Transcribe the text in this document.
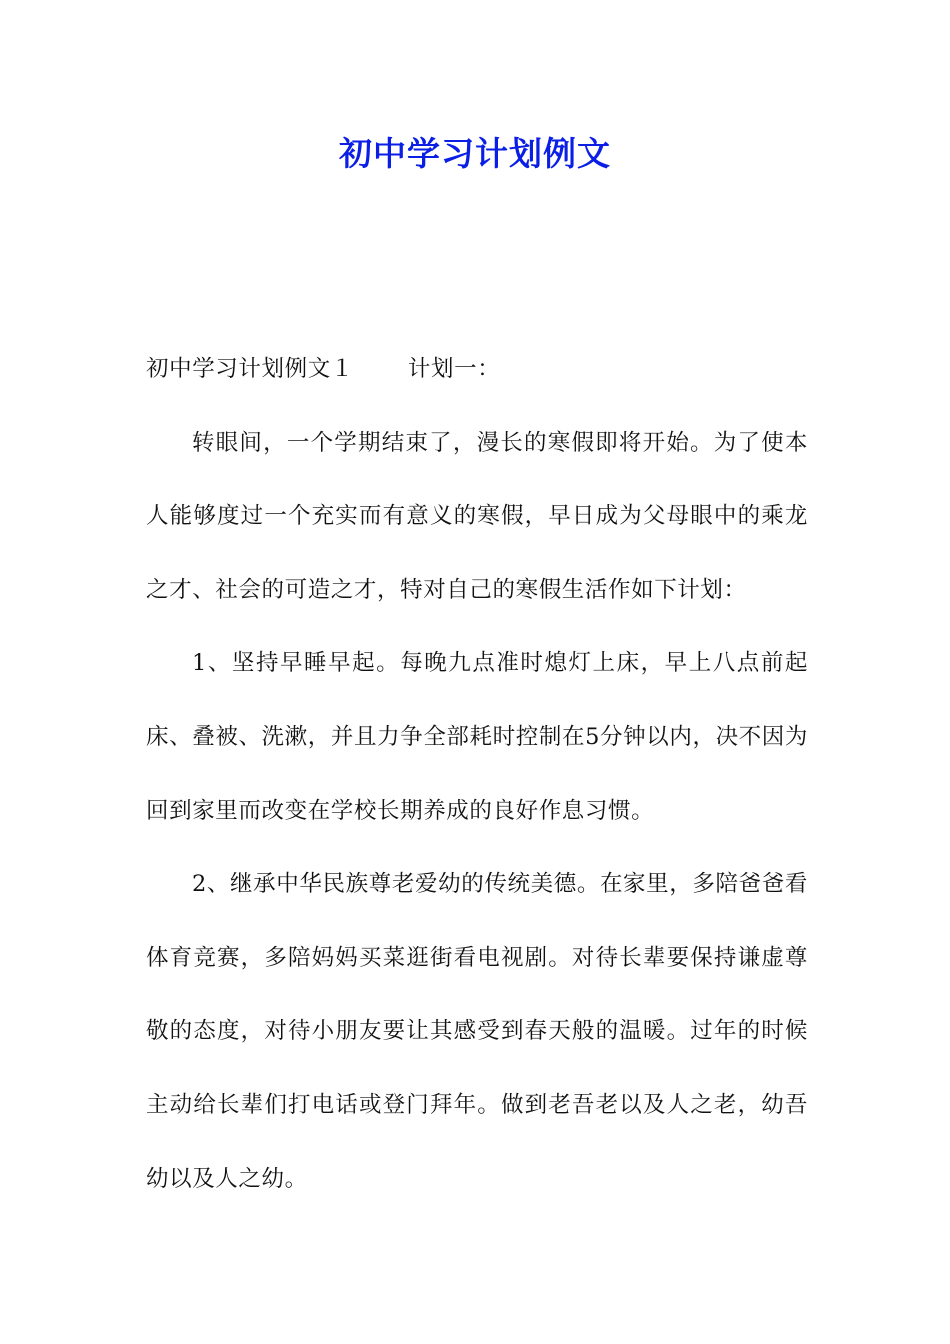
初中学习计划例文

初中学习计划例文１ 计划一：

转眼间，一个学期结束了，漫长的寒假即将开始。为了使本人能够度过一个充实而有意义的寒假，早日成为父母眼中的乘龙之才、社会的可造之才，特对自己的寒假生活作如下计划：

1、坚持早睡早起。每晚九点准时熄灯上床，早上八点前起床、叠被、洗漱，并且力争全部耗时控制在5分钟以内，决不因为回到家里而改变在学校长期养成的良好作息习惯。

2、继承中华民族尊老爱幼的传统美德。在家里，多陪爸爸看体育竞赛，多陪妈妈买菜逛街看电视剧。对待长辈要保持谦虚尊敬的态度，对待小朋友要让其感受到春天般的温暖。过年的时候主动给长辈们打电话或登门拜年。做到老吾老以及人之老，幼吾幼以及人之幼。
